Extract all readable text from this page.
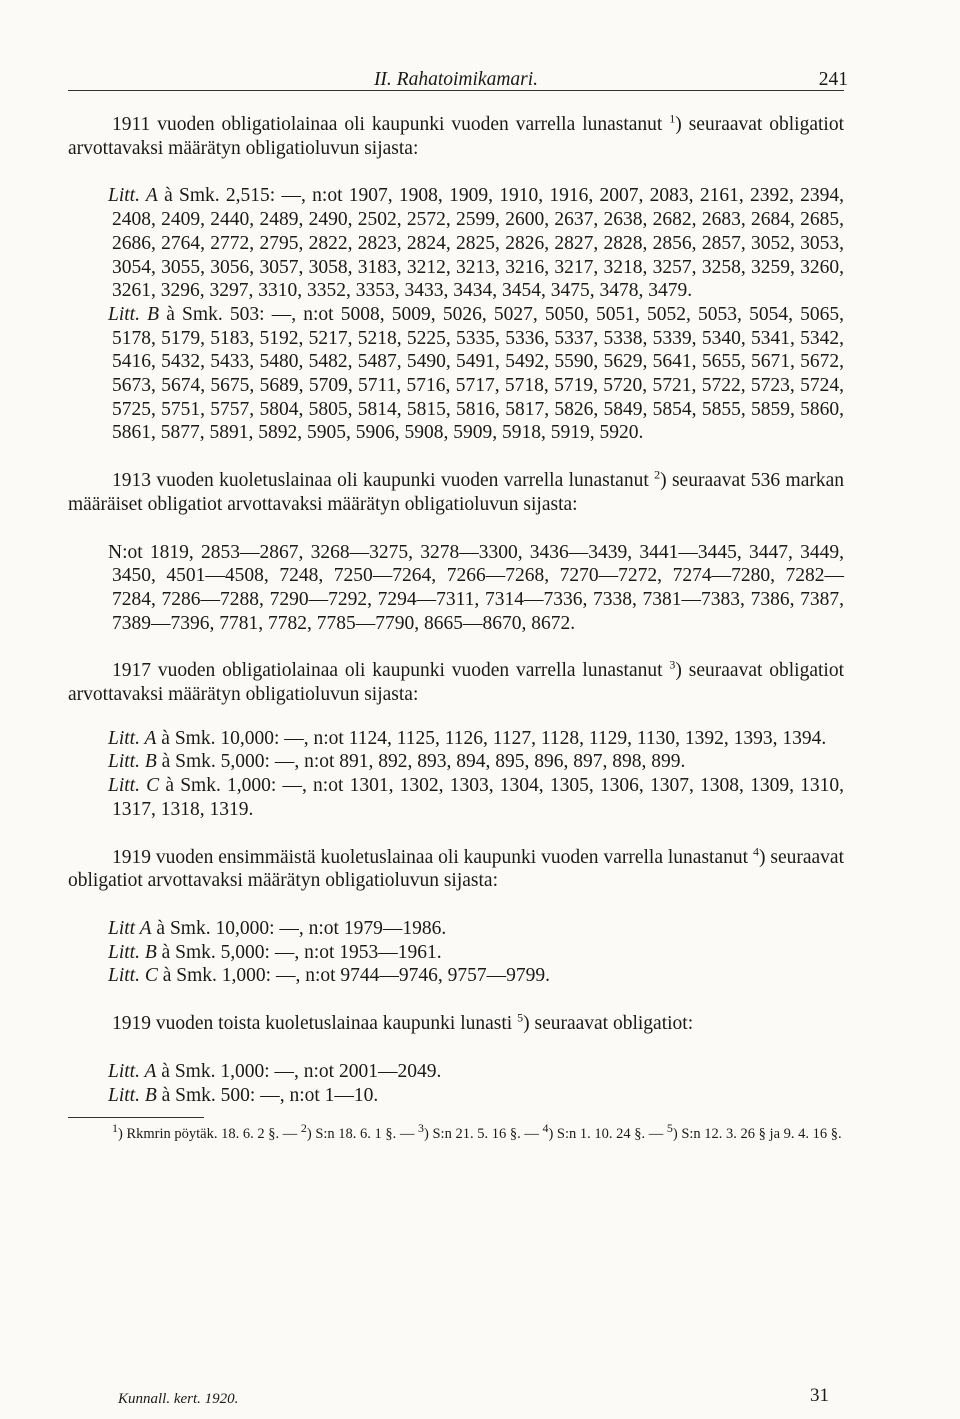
II. Rahatoimikamari.	241

1911 vuoden obligatiolainaa oli kaupunki vuoden varrella lunastanut $^1$) seuraavat obligatiot arvottavaksi määrätyn obligatioluvun sijasta:

Litt. A à Smk. 2,515: —, n:ot 1907, 1908, 1909, 1910, 1916, 2007, 2083, 2161, 2392, 2394, 2408, 2409, 2440, 2489, 2490, 2502, 2572, 2599, 2600, 2637, 2638, 2682, 2683, 2684, 2685, 2686, 2764, 2772, 2795, 2822, 2823, 2824, 2825, 2826, 2827, 2828, 2856, 2857, 3052, 3053, 3054, 3055, 3056, 3057, 3058, 3183, 3212, 3213, 3216, 3217, 3218, 3257, 3258, 3259, 3260, 3261, 3296, 3297, 3310, 3352, 3353, 3433, 3434, 3454, 3475, 3478, 3479.

Litt. B à Smk. 503: —, n:ot 5008, 5009, 5026, 5027, 5050, 5051, 5052, 5053, 5054, 5065, 5178, 5179, 5183, 5192, 5217, 5218, 5225, 5335, 5336, 5337, 5338, 5339, 5340, 5341, 5342, 5416, 5432, 5433, 5480, 5482, 5487, 5490, 5491, 5492, 5590, 5629, 5641, 5655, 5671, 5672, 5673, 5674, 5675, 5689, 5709, 5711, 5716, 5717, 5718, 5719, 5720, 5721, 5722, 5723, 5724, 5725, 5751, 5757, 5804, 5805, 5814, 5815, 5816, 5817, 5826, 5849, 5854, 5855, 5859, 5860, 5861, 5877, 5891, 5892, 5905, 5906, 5908, 5909, 5918, 5919, 5920.

1913 vuoden kuoletuslainaa oli kaupunki vuoden varrella lunastanut $^2$) seuraavat 536 markan määräiset obligatiot arvottavaksi määrätyn obligatioluvun sijasta:

N:ot 1819, 2853—2867, 3268—3275, 3278—3300, 3436—3439, 3441—3445, 3447, 3449, 3450, 4501—4508, 7248, 7250—7264, 7266—7268, 7270—7272, 7274—7280, 7282—7284, 7286—7288, 7290—7292, 7294—7311, 7314—7336, 7338, 7381—7383, 7386, 7387, 7389—7396, 7781, 7782, 7785—7790, 8665—8670, 8672.

1917 vuoden obligatiolainaa oli kaupunki vuoden varrella lunastanut $^3$) seuraavat obligatiot arvottavaksi määrätyn obligatioluvun sijasta:

Litt. A à Smk. 10,000: —, n:ot 1124, 1125, 1126, 1127, 1128, 1129, 1130, 1392, 1393, 1394.

Litt. B à Smk. 5,000: —, n:ot 891, 892, 893, 894, 895, 896, 897, 898, 899.

Litt. C à Smk. 1,000: —, n:ot 1301, 1302, 1303, 1304, 1305, 1306, 1307, 1308, 1309, 1310, 1317, 1318, 1319.

1919 vuoden ensimmäistä kuoletuslainaa oli kaupunki vuoden varrella lunastanut $^4$) seuraavat obligatiot arvottavaksi määrätyn obligatioluvun sijasta:

Litt A à Smk. 10,000: —, n:ot 1979—1986.

Litt. B à Smk. 5,000: —, n:ot 1953—1961.

Litt. C à Smk. 1,000: —, n:ot 9744—9746, 9757—9799.

1919 vuoden toista kuoletuslainaa kaupunki lunasti $^5$) seuraavat obligatiot:

Litt. A à Smk. 1,000: —, n:ot 2001—2049.

Litt. B à Smk. 500: —, n:ot 1—10.

$^1$) Rkmrin pöytäk. 18. 6. 2 §. — $^2$) S:n 18. 6. 1 §. — $^3$) S:n 21. 5. 16 §. — $^4$) S:n 1. 10. 24 §. — $^5$) S:n 12. 3. 26 § ja 9. 4. 16 §.

Kunnall. kert. 1920.	31
